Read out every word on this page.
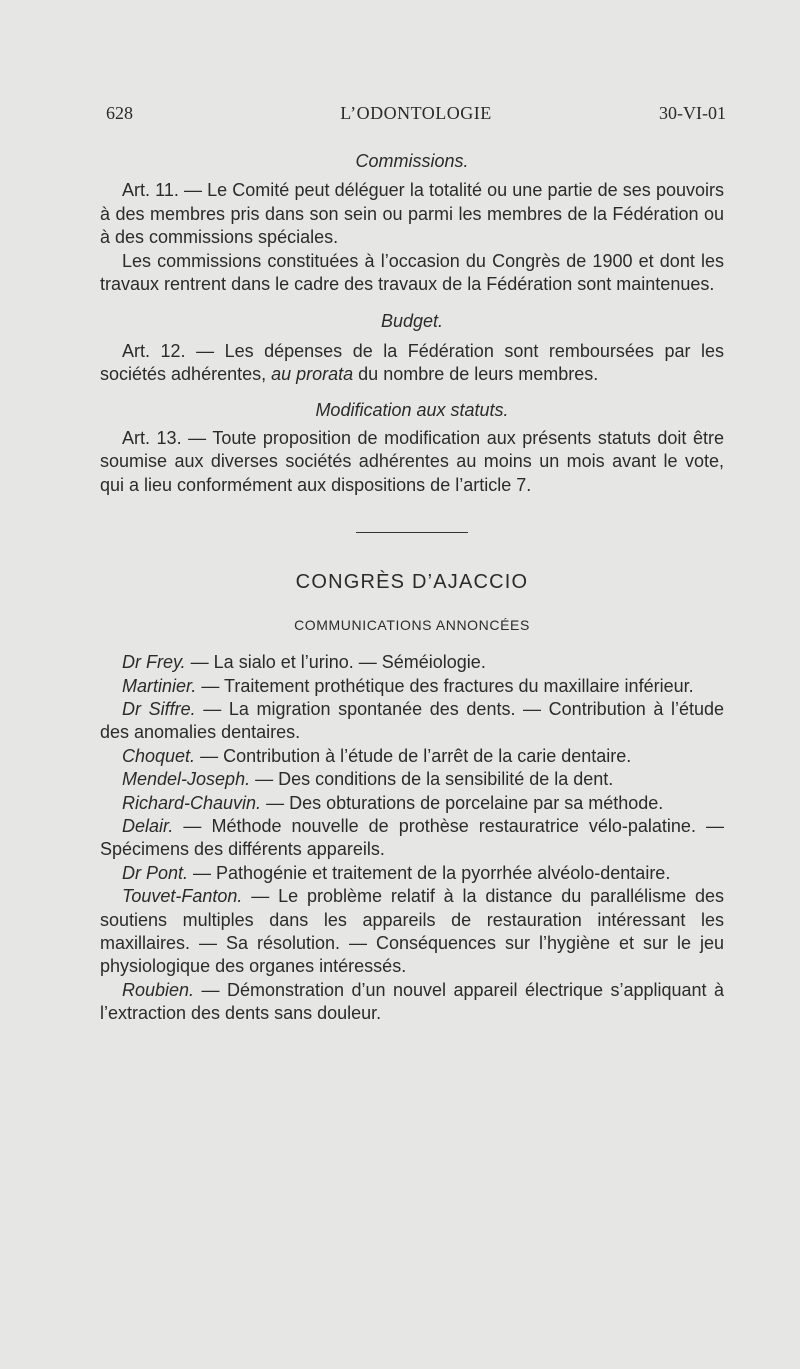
628	L’ODONTOLOGIE	30-VI-01
Commissions.

Art. 11. — Le Comité peut déléguer la totalité ou une partie de ses pouvoirs à des membres pris dans son sein ou parmi les membres de la Fédération ou à des commissions spéciales.

Les commissions constituées à l’occasion du Congrès de 1900 et dont les travaux rentrent dans le cadre des travaux de la Fédération sont maintenues.

Budget.

Art. 12. — Les dépenses de la Fédération sont remboursées par les sociétés adhérentes, au prorata du nombre de leurs membres.

Modification aux statuts.

Art. 13. — Toute proposition de modification aux présents statuts doit être soumise aux diverses sociétés adhérentes au moins un mois avant le vote, qui a lieu conformément aux dispositions de l’article 7.

CONGRÈS D’AJACCIO
COMMUNICATIONS ANNONCÉES

Dr Frey. — La sialo et l’urino. — Séméiologie.

Martinier. — Traitement prothétique des fractures du maxillaire inférieur.

Dr Siffre. — La migration spontanée des dents. — Contribution à l’étude des anomalies dentaires.

Choquet. — Contribution à l’étude de l’arrêt de la carie dentaire.

Mendel-Joseph. — Des conditions de la sensibilité de la dent.

Richard-Chauvin. — Des obturations de porcelaine par sa méthode.

Delair. — Méthode nouvelle de prothèse restauratrice vélo-palatine. — Spécimens des différents appareils.

Dr Pont. — Pathogénie et traitement de la pyorrhée alvéolo-dentaire.

Touvet-Fanton. — Le problème relatif à la distance du parallélisme des soutiens multiples dans les appareils de restauration intéressant les maxillaires. — Sa résolution. — Conséquences sur l’hygiène et sur le jeu physiologique des organes intéressés.

Roubien. — Démonstration d’un nouvel appareil électrique s’appliquant à l’extraction des dents sans douleur.
